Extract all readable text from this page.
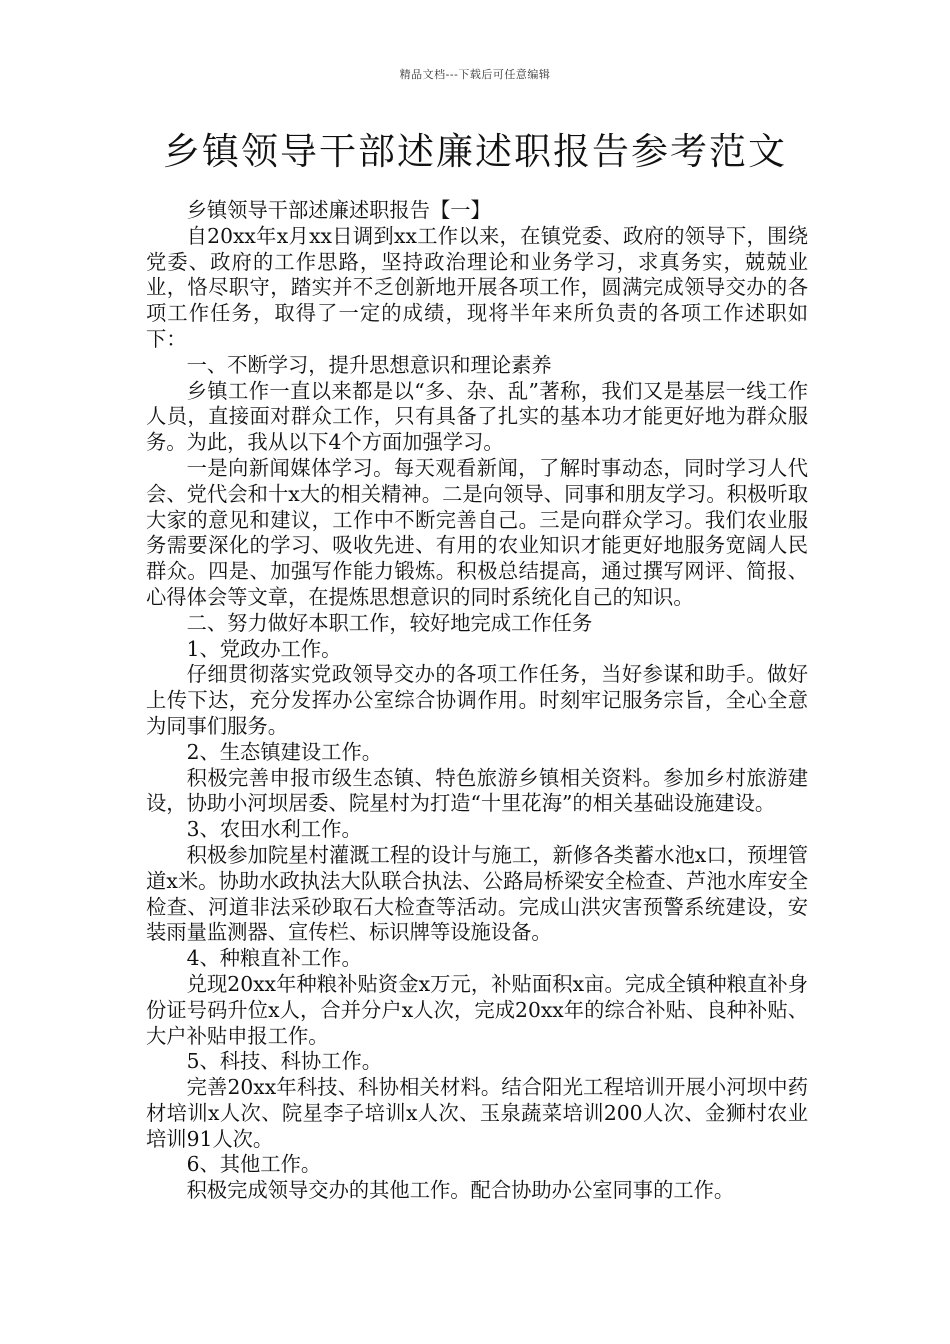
精品文档---下载后可任意编辑
乡镇领导干部述廉述职报告参考范文

乡镇领导干部述廉述职报告【一】

自20xx年x月xx日调到xx工作以来，在镇党委、政府的领导下，围绕党委、政府的工作思路，坚持政治理论和业务学习，求真务实，兢兢业业，恪尽职守，踏实并不乏创新地开展各项工作，圆满完成领导交办的各项工作任务，取得了一定的成绩，现将半年来所负责的各项工作述职如下：

一、不断学习，提升思想意识和理论素养

乡镇工作一直以来都是以“多、杂、乱”著称，我们又是基层一线工作人员，直接面对群众工作，只有具备了扎实的基本功才能更好地为群众服务。为此，我从以下4个方面加强学习。

一是向新闻媒体学习。每天观看新闻，了解时事动态，同时学习人代会、党代会和十x大的相关精神。二是向领导、同事和朋友学习。积极听取大家的意见和建议，工作中不断完善自己。三是向群众学习。我们农业服务需要深化的学习、吸收先进、有用的农业知识才能更好地服务宽阔人民群众。四是、加强写作能力锻炼。积极总结提高，通过撰写网评、简报、心得体会等文章，在提炼思想意识的同时系统化自己的知识。

二、努力做好本职工作，较好地完成工作任务

1、党政办工作。

仔细贯彻落实党政领导交办的各项工作任务，当好参谋和助手。做好上传下达，充分发挥办公室综合协调作用。时刻牢记服务宗旨，全心全意为同事们服务。

2、生态镇建设工作。

积极完善申报市级生态镇、特色旅游乡镇相关资料。参加乡村旅游建设，协助小河坝居委、院星村为打造“十里花海”的相关基础设施建设。

3、农田水利工作。

积极参加院星村灌溉工程的设计与施工，新修各类蓄水池x口，预埋管道x米。协助水政执法大队联合执法、公路局桥梁安全检查、芦池水库安全检查、河道非法采砂取石大检查等活动。完成山洪灾害预警系统建设，安装雨量监测器、宣传栏、标识牌等设施设备。

4、种粮直补工作。

兑现20xx年种粮补贴资金x万元，补贴面积x亩。完成全镇种粮直补身份证号码升位x人，合并分户x人次，完成20xx年的综合补贴、良种补贴、大户补贴申报工作。

5、科技、科协工作。

完善20xx年科技、科协相关材料。结合阳光工程培训开展小河坝中药材培训x人次、院星李子培训x人次、玉泉蔬菜培训200人次、金狮村农业培训91人次。

6、其他工作。

积极完成领导交办的其他工作。配合协助办公室同事的工作。
